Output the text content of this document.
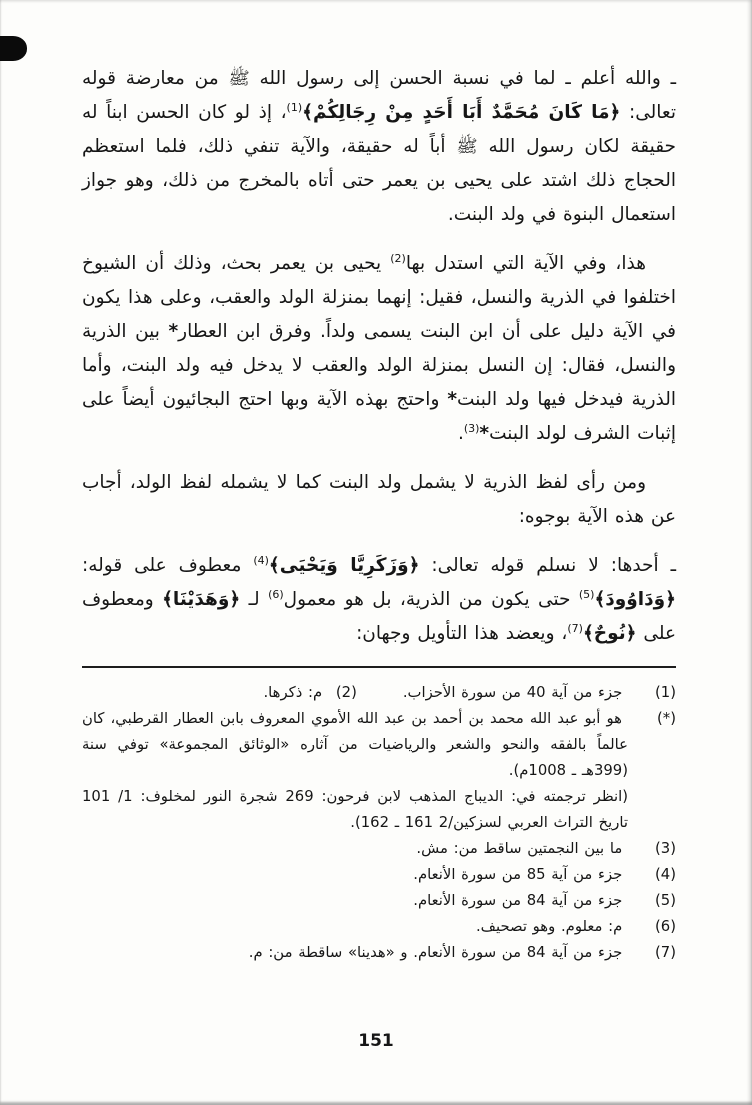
ـ والله أعلم ـ لما في نسبة الحسن إلى رسول الله ﷺ من معارضة قوله تعالى: ﴿مَا كَانَ مُحَمَّدٌ أَبَا أَحَدٍ مِنْ رِجَالِكُمْ﴾$^{(1)}$، إذ لو كان الحسن ابناً له حقيقة لكان رسول الله ﷺ أباً له حقيقة، والآية تنفي ذلك، فلما استعظم الحجاج ذلك اشتد على يحيى بن يعمر حتى أتاه بالمخرج من ذلك، وهو جواز استعمال البنوة في ولد البنت.

هذا، وفي الآية التي استدل بها$^{(2)}$ يحيى بن يعمر بحث، وذلك أن الشيوخ اختلفوا في الذرية والنسل، فقيل: إنهما بمنزلة الولد والعقب، وعلى هذا يكون في الآية دليل على أن ابن البنت يسمى ولداً. وفرق ابن العطار* بين الذرية والنسل، فقال: إن النسل بمنزلة الولد والعقب لا يدخل فيه ولد البنت، وأما الذرية فيدخل فيها ولد البنت* واحتج بهذه الآية وبها احتج البجائيون أيضاً على إثبات الشرف لولد البنت*$^{(3)}$.

ومن رأى لفظ الذرية لا يشمل ولد البنت كما لا يشمله لفظ الولد، أجاب عن هذه الآية بوجوه:

ـ أحدها: لا نسلم قوله تعالى: ﴿وَزَكَرِيَّا وَيَحْيَى﴾$^{(4)}$ معطوف على قوله: ﴿وَدَاوُودَ﴾$^{(5)}$ حتى يكون من الذرية، بل هو معمول$^{(6)}$ لـ ﴿وَهَدَيْنَا﴾ ومعطوف على ﴿نُوحٌ﴾$^{(7)}$، ويعضد هذا التأويل وجهان:

(1) جزء من آية 40 من سورة الأحزاب.
(2) م: ذكرها.
(*) هو أبو عبد الله محمد بن أحمد بن عبد الله الأموي المعروف بابن العطار القرطبي، كان عالماً بالفقه والنحو والشعر والرياضيات من آثاره «الوثائق المجموعة» توفي سنة (399هـ ـ 1008م).
(انظر ترجمته في: الديباج المذهب لابن فرحون: 269 شجرة النور لمخلوف: 1/ 101 تاريخ التراث العربي لسزكين/2 161 ـ 162).
(3) ما بين النجمتين ساقط من: مش.
(4) جزء من آية 85 من سورة الأنعام.
(5) جزء من آية 84 من سورة الأنعام.
(6) م: معلوم. وهو تصحيف.
(7) جزء من آية 84 من سورة الأنعام. و «هدينا» ساقطة من: م.
151
